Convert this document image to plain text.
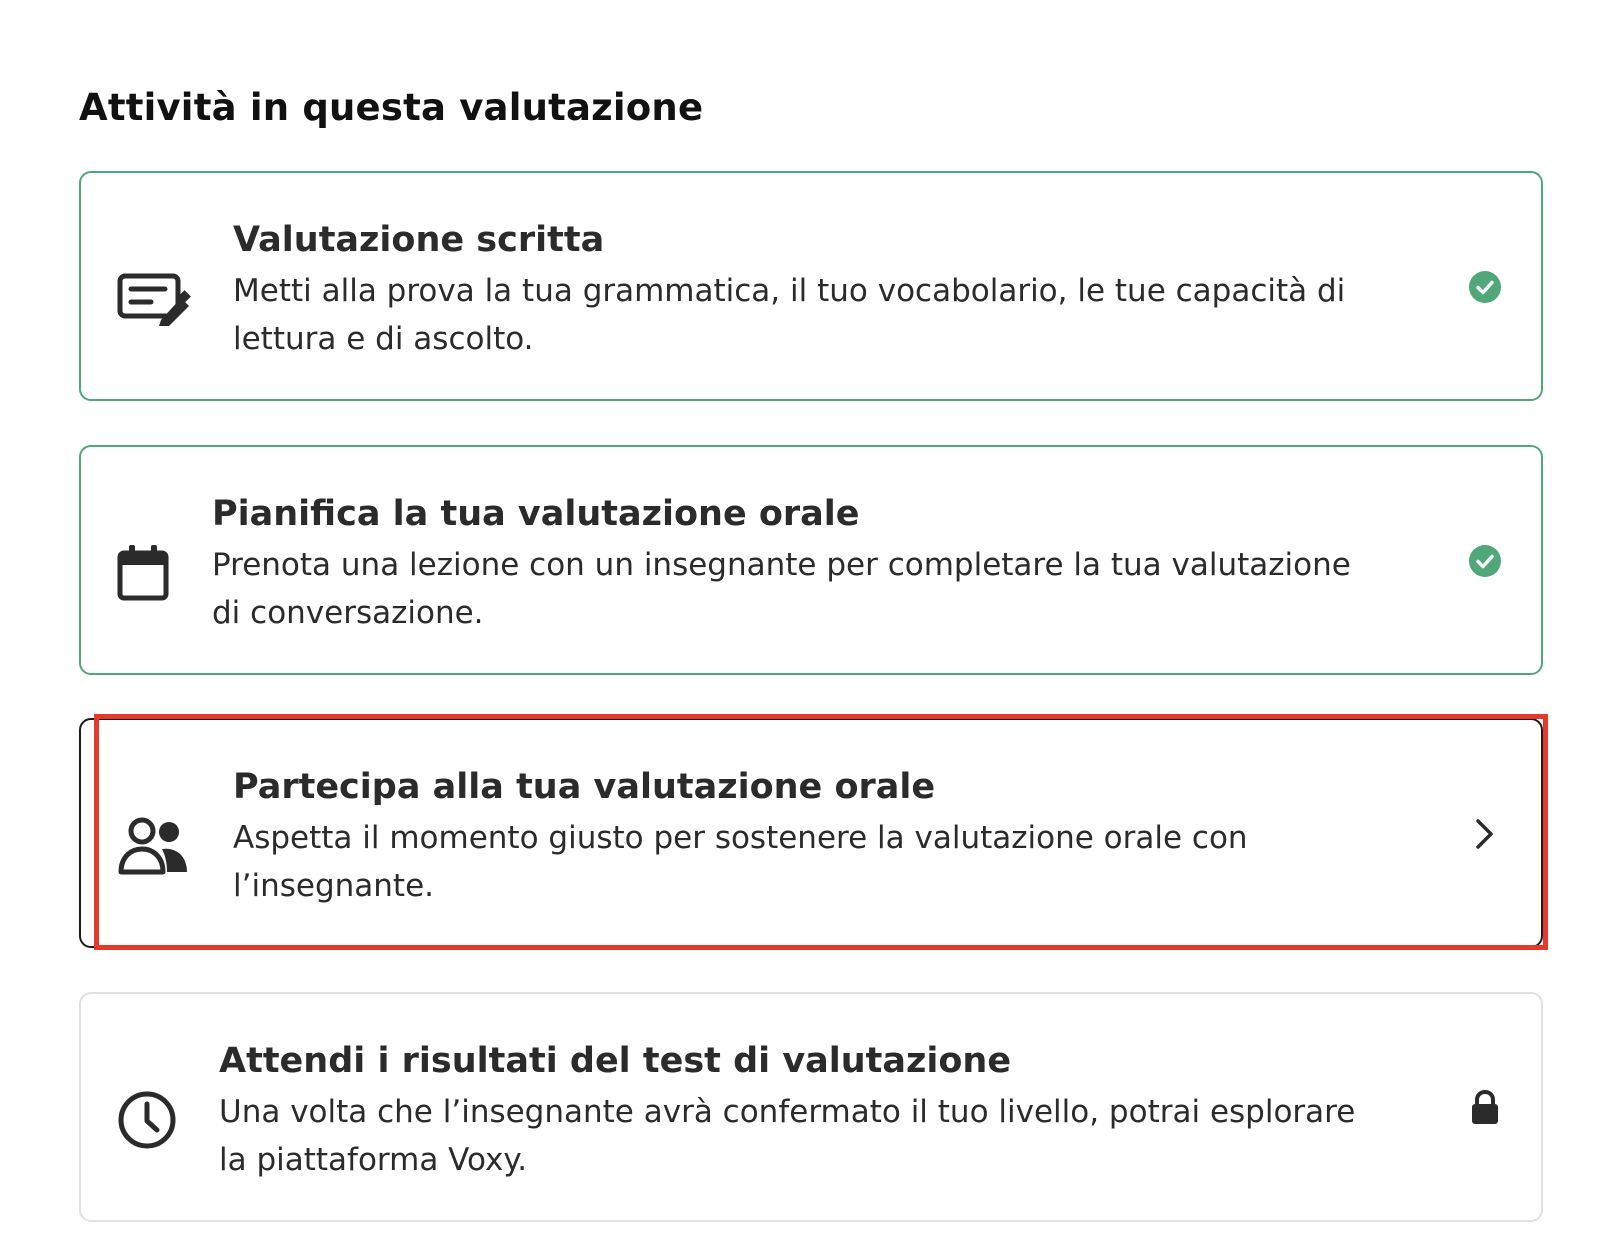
Attività in questa valutazione

Valutazione scritta

Metti alla prova la tua grammatica, il tuo vocabolario, le tue capacità di lettura e di ascolto.

Pianifica la tua valutazione orale

Prenota una lezione con un insegnante per completare la tua valutazione di conversazione.

Partecipa alla tua valutazione orale

Aspetta il momento giusto per sostenere la valutazione orale con l’insegnante.

Attendi i risultati del test di valutazione

Una volta che l’insegnante avrà confermato il tuo livello, potrai esplorare la piattaforma Voxy.
